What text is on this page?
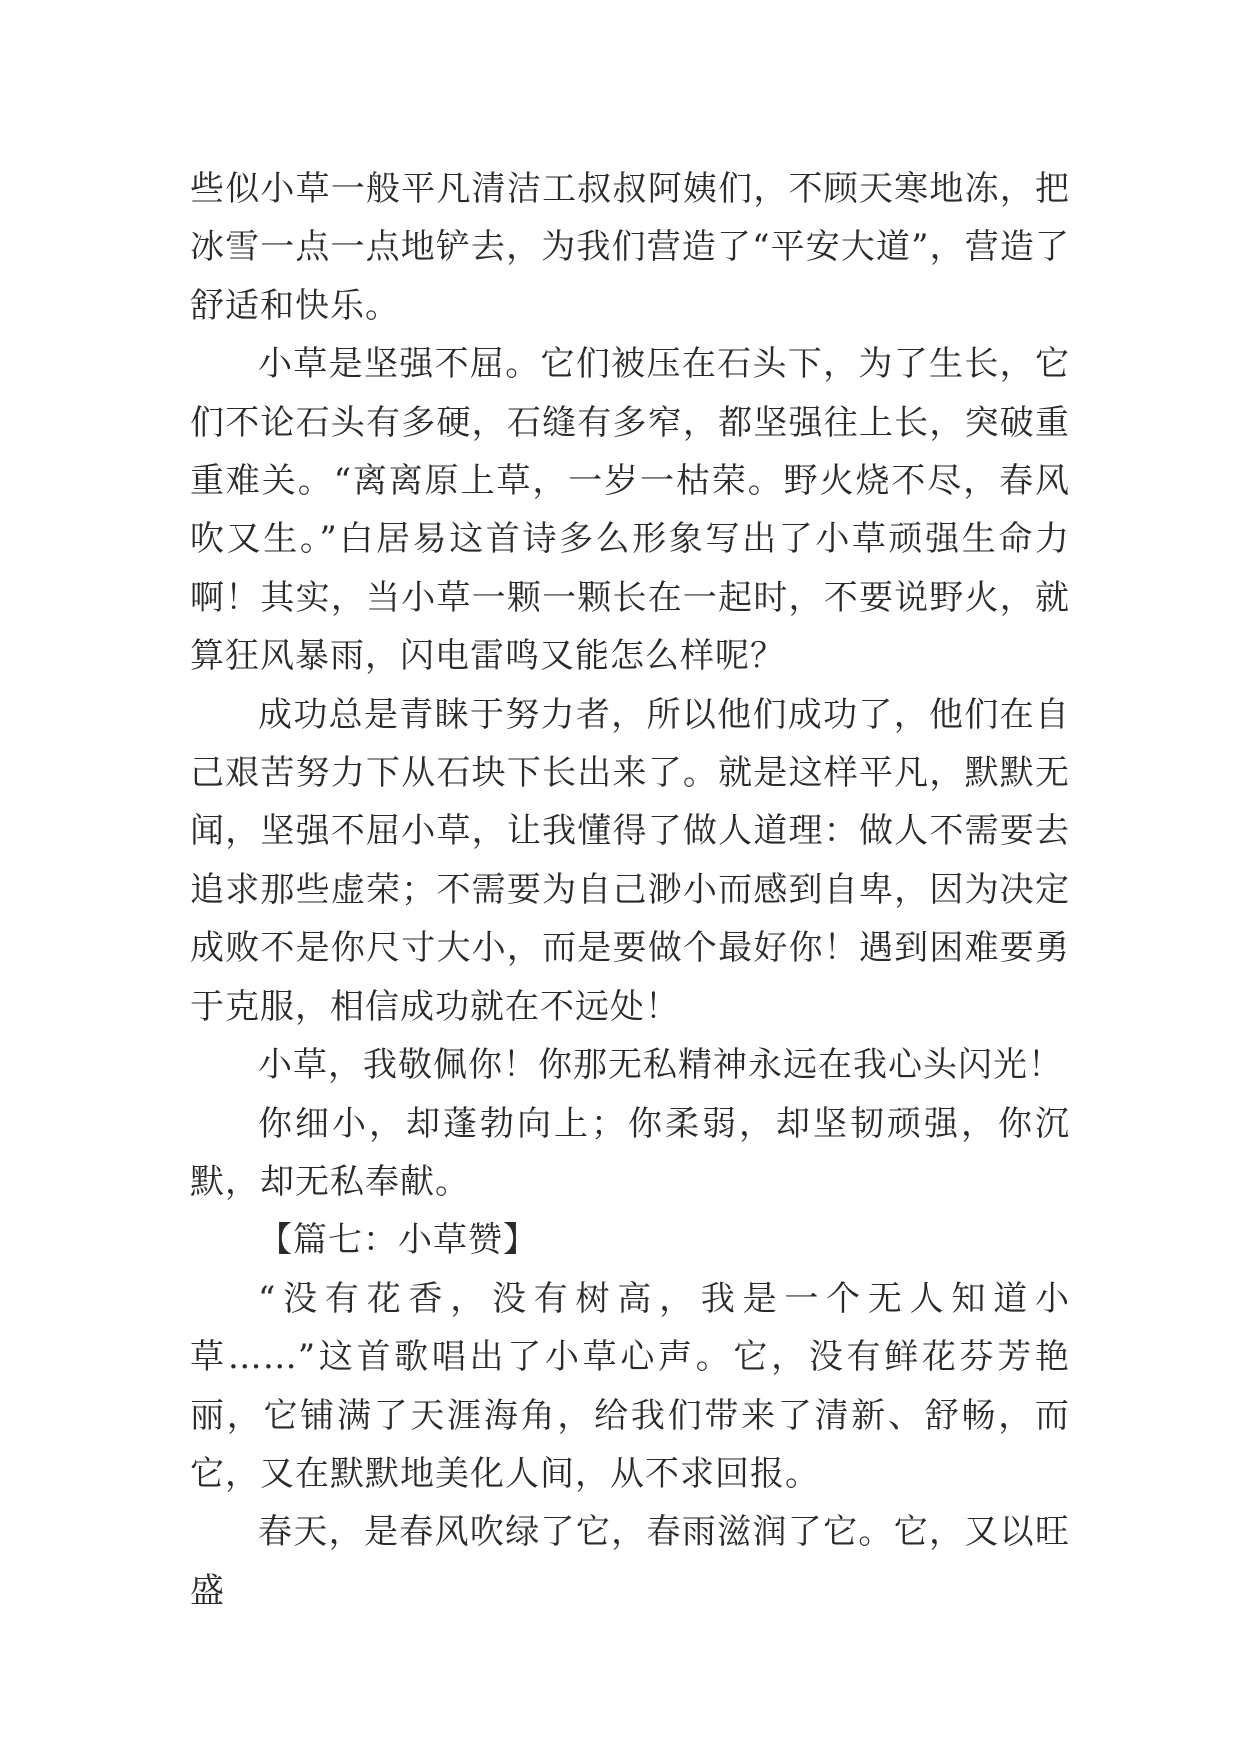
些似小草一般平凡清洁工叔叔阿姨们，不顾天寒地冻，把冰雪一点一点地铲去，为我们营造了“平安大道”，营造了舒适和快乐。

小草是坚强不屈。它们被压在石头下，为了生长，它们不论石头有多硬，石缝有多窄，都坚强往上长，突破重重难关。“离离原上草，一岁一枯荣。野火烧不尽，春风吹又生。”白居易这首诗多么形象写出了小草顽强生命力啊！其实，当小草一颗一颗长在一起时，不要说野火，就算狂风暴雨，闪电雷鸣又能怎么样呢？

成功总是青睐于努力者，所以他们成功了，他们在自己艰苦努力下从石块下长出来了。就是这样平凡，默默无闻，坚强不屈小草，让我懂得了做人道理：做人不需要去追求那些虚荣；不需要为自己渺小而感到自卑，因为决定成败不是你尺寸大小，而是要做个最好你！遇到困难要勇于克服，相信成功就在不远处！

小草，我敬佩你！你那无私精神永远在我心头闪光！

你细小，却蓬勃向上；你柔弱，却坚韧顽强，你沉默，却无私奉献。

【篇七：小草赞】

“没有花香，没有树高，我是一个无人知道小草……”这首歌唱出了小草心声。它，没有鲜花芬芳艳丽，它铺满了天涯海角，给我们带来了清新、舒畅，而它，又在默默地美化人间，从不求回报。

春天，是春风吹绿了它，春雨滋润了它。它，又以旺盛
